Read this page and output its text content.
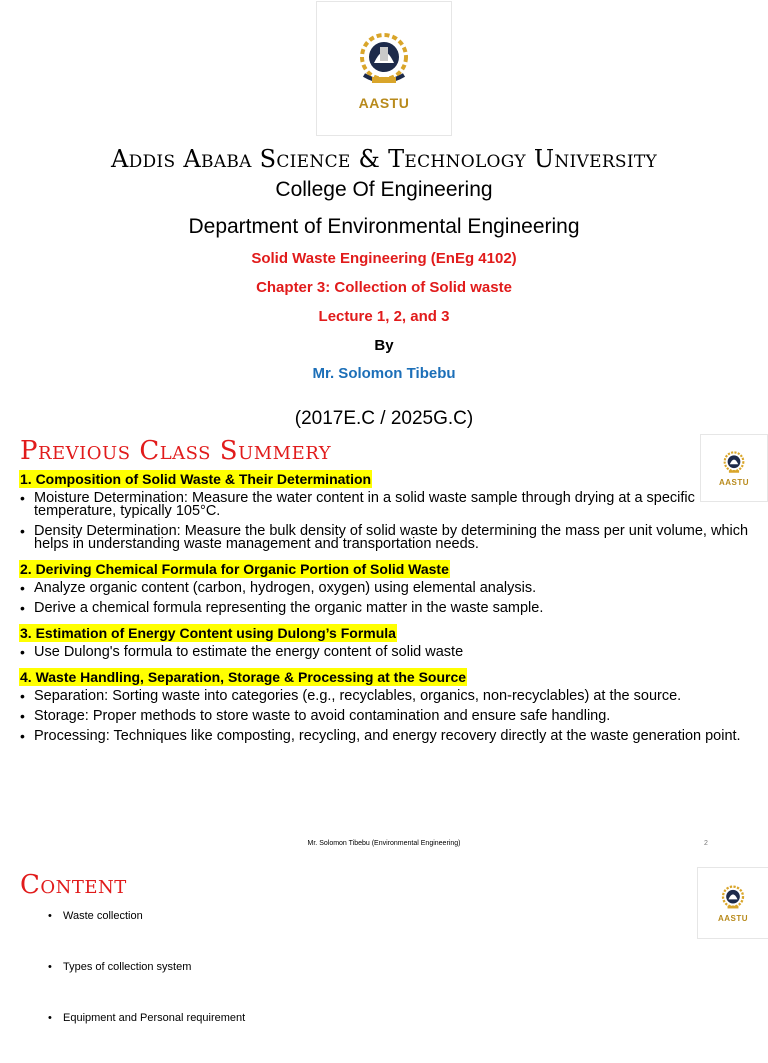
AASTU
Addis Ababa Science & Technology University
College Of Engineering
Department of Environmental Engineering
Solid Waste Engineering (EnEg 4102)
Chapter 3: Collection of Solid waste
Lecture 1, 2, and 3
By
Mr. Solomon Tibebu
(2017E.C / 2025G.C)
Previous Class Summery
AASTU
1. Composition of Solid Waste & Their Determination
• Moisture Determination: Measure the water content in a solid waste sample through drying at a specific temperature, typically 105°C.
• Density Determination: Measure the bulk density of solid waste by determining the mass per unit volume, which helps in understanding waste management and transportation needs.
2. Deriving Chemical Formula for Organic Portion of Solid Waste
• Analyze organic content (carbon, hydrogen, oxygen) using elemental analysis.
• Derive a chemical formula representing the organic matter in the waste sample.
3. Estimation of Energy Content using Dulong’s Formula
• Use Dulong's formula to estimate the energy content of solid waste
4. Waste Handling, Separation, Storage & Processing at the Source
• Separation: Sorting waste into categories (e.g., recyclables, organics, non-recyclables) at the source.
• Storage: Proper methods to store waste to avoid contamination and ensure safe handling.
• Processing: Techniques like composting, recycling, and energy recovery directly at the waste generation point.
Mr. Solomon Tibebu (Environmental Engineering)	2
Content
AASTU
• Waste collection
• Types of collection system
• Equipment and Personal requirement
